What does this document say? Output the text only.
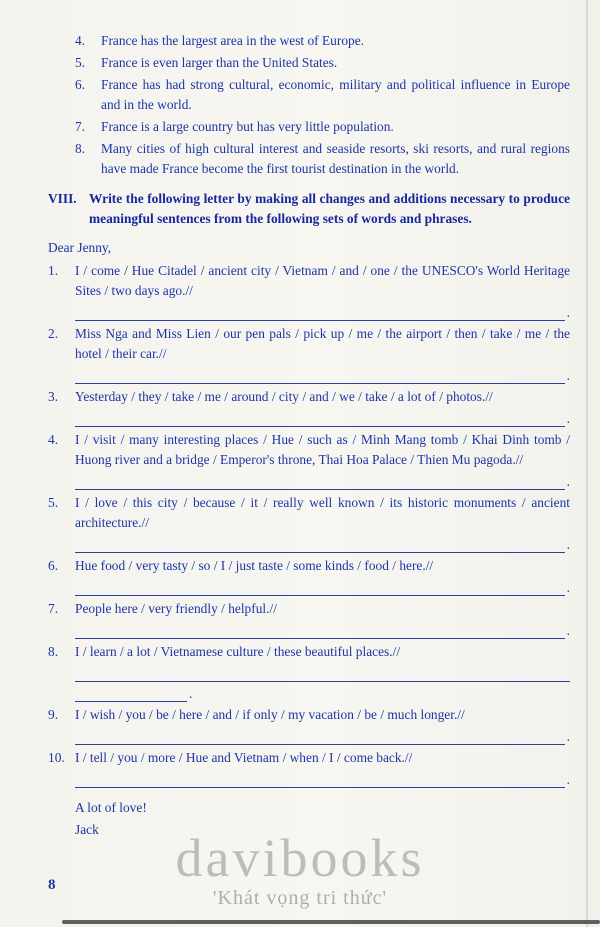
4.	France has the largest area in the west of Europe.
5.	France is even larger than the United States.
6.	France has had strong cultural, economic, military and political influence in Europe and in the world.
7.	France is a large country but has very little population.
8.	Many cities of high cultural interest and seaside resorts, ski resorts, and rural regions have made France become the first tourist destination in the world.
VIII. Write the following letter by making all changes and additions necessary to produce meaningful sentences from the following sets of words and phrases.
Dear Jenny,
1.	I / come / Hue Citadel / ancient city / Vietnam / and / one / the UNESCO's World Heritage Sites / two days ago.//
.
2.	Miss Nga and Miss Lien / our pen pals / pick up / me / the airport / then / take / me / the hotel / their car.//
.
3.	Yesterday / they / take / me / around / city / and / we / take / a lot of / photos.//
.
4.	I / visit / many interesting places / Hue / such as / Minh Mang tomb / Khai Dinh tomb / Huong river and a bridge / Emperor's throne, Thai Hoa Palace / Thien Mu pagoda.//
.
5.	I / love / this city / because / it / really well known / its historic monuments / ancient architecture.//
.
6.	Hue food / very tasty / so / I / just taste / some kinds / food / here.//
.
7.	People here / very friendly / helpful.//
.
8.	I / learn / a lot / Vietnamese culture / these beautiful places.//
.
9.	I / wish / you / be / here / and / if only / my vacation / be / much longer.//
.
10. I / tell / you / more / Hue and Vietnam / when / I / come back.//
.
A lot of love!
Jack
8 davibooks
'Khát vọng tri thức'
